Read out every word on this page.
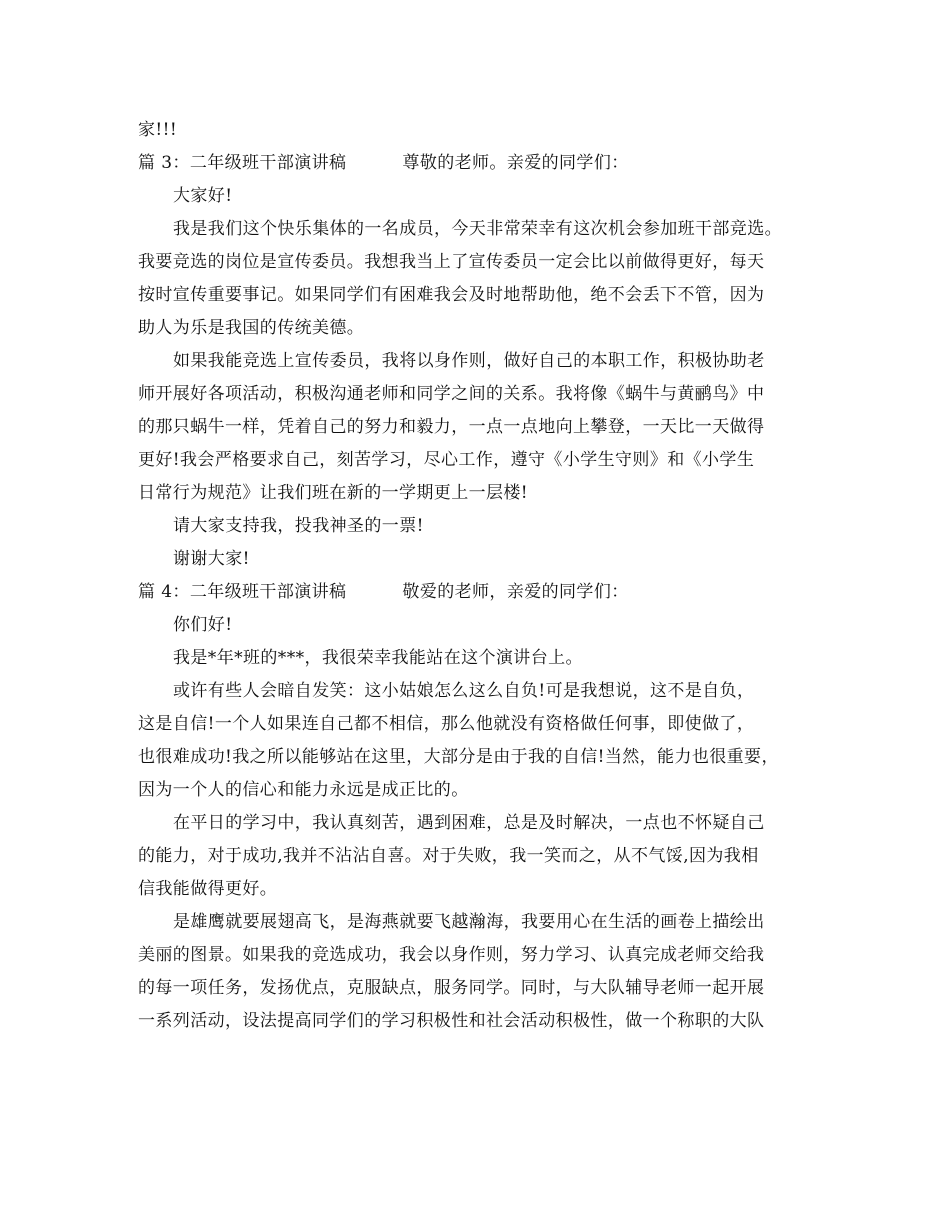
家!!!
篇 3：二年级班干部演讲稿	尊敬的老师。亲爱的同学们：
大家好!
我是我们这个快乐集体的一名成员，今天非常荣幸有这次机会参加班干部竞选。
我要竞选的岗位是宣传委员。我想我当上了宣传委员一定会比以前做得更好，每天
按时宣传重要事记。如果同学们有困难我会及时地帮助他，绝不会丢下不管，因为
助人为乐是我国的传统美德。
如果我能竞选上宣传委员，我将以身作则，做好自己的本职工作，积极协助老
师开展好各项活动，积极沟通老师和同学之间的关系。我将像《蜗牛与黄鹂鸟》中
的那只蜗牛一样，凭着自己的努力和毅力，一点一点地向上攀登，一天比一天做得
更好!我会严格要求自己，刻苦学习，尽心工作，遵守《小学生守则》和《小学生
日常行为规范》让我们班在新的一学期更上一层楼!
请大家支持我，投我神圣的一票!
谢谢大家!
篇 4：二年级班干部演讲稿	敬爱的老师，亲爱的同学们：
你们好!
我是*年*班的***，我很荣幸我能站在这个演讲台上。
或许有些人会暗自发笑：这小姑娘怎么这么自负!可是我想说，这不是自负，
这是自信!一个人如果连自己都不相信，那么他就没有资格做任何事，即使做了，
也很难成功!我之所以能够站在这里，大部分是由于我的自信!当然，能力也很重要，
因为一个人的信心和能力永远是成正比的。
在平日的学习中，我认真刻苦，遇到困难，总是及时解决，一点也不怀疑自己
的能力，对于成功,我并不沾沾自喜。对于失败，我一笑而之，从不气馁,因为我相
信我能做得更好。
是雄鹰就要展翅高飞，是海燕就要飞越瀚海，我要用心在生活的画卷上描绘出
美丽的图景。如果我的竞选成功，我会以身作则，努力学习、认真完成老师交给我
的每一项任务，发扬优点，克服缺点，服务同学。同时，与大队辅导老师一起开展
一系列活动，设法提高同学们的学习积极性和社会活动积极性，做一个称职的大队
